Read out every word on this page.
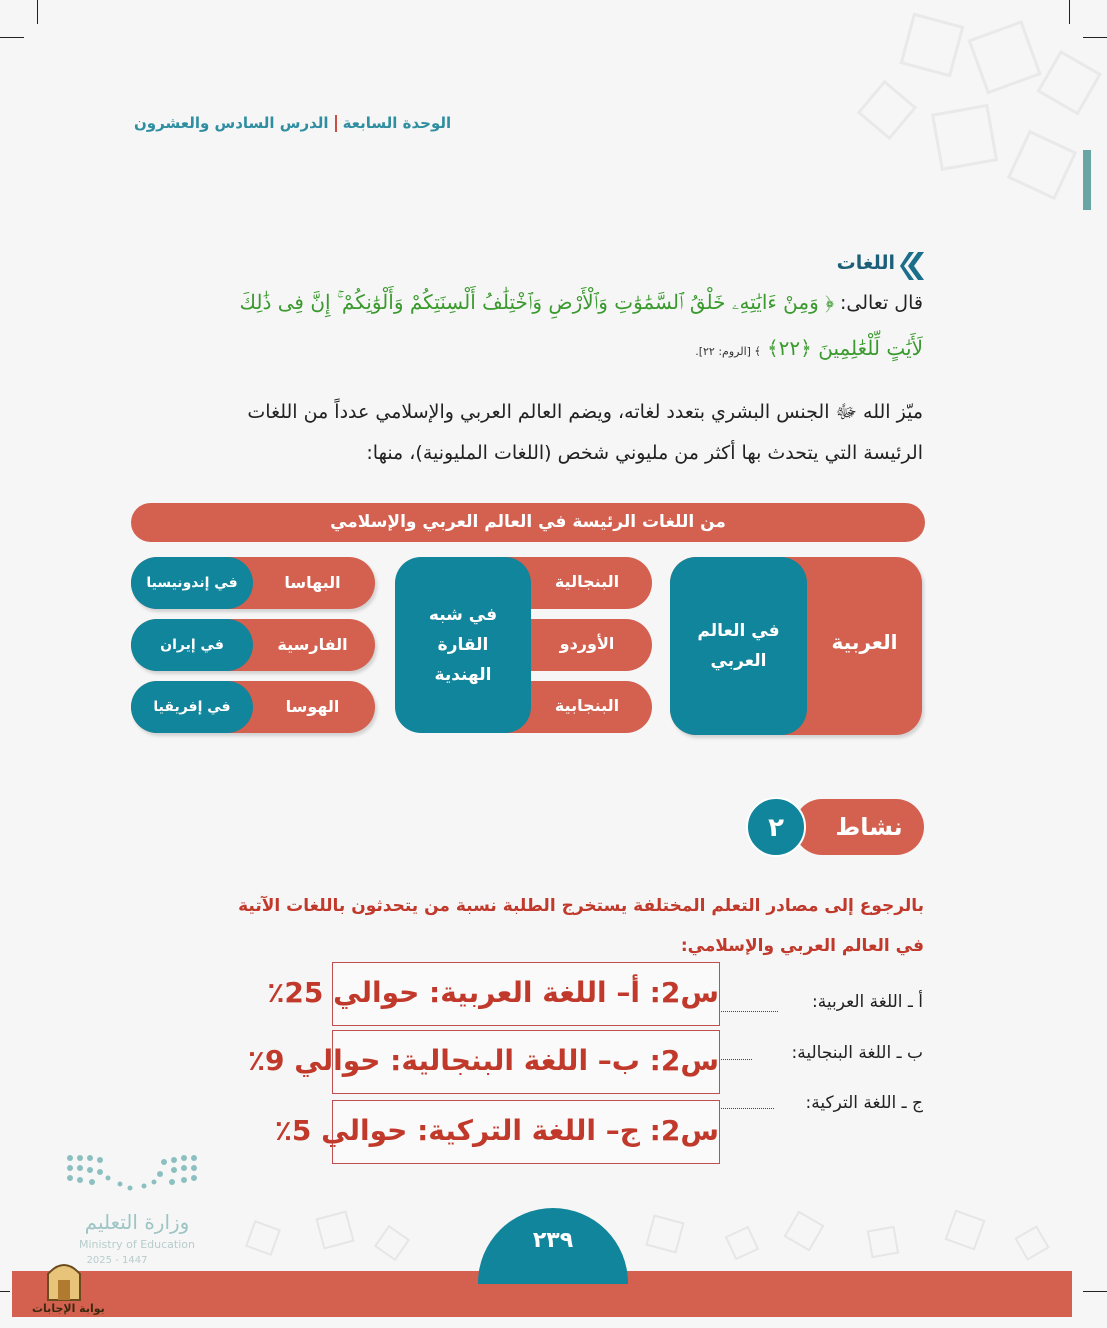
الوحدة السابعةالدرس السادس والعشرون
اللغات
قال تعالى: ﴿ وَمِنْ ءَايَٰتِهِۦ خَلْقُ ٱلسَّمَٰوَٰتِ وَٱلْأَرْضِ وَٱخْتِلَٰفُ أَلْسِنَتِكُمْ وَأَلْوَٰنِكُمْ ۚ إِنَّ فِى ذَٰلِكَ
لَأَيَٰتٍ لِّلْعَٰلِمِينَ ﴿٢٢﴾ ﴾ [الروم: ٢٢].
ميّز الله ﷻ الجنس البشري بتعدد لغاته، ويضم العالم العربي والإسلامي عدداً من اللغات
الرئيسة التي يتحدث بها أكثر من مليوني شخص (اللغات المليونية)، منها:
من اللغات الرئيسة في العالم العربي والإسلامي
في العالم العربي
العربية
البنجالية
الأوردو
البنجابية
في شبه القارة الهندية
البهاسا
في إندونيسيا
الفارسية
في إيران
الهوسا
في إفريقيا
نشاط
٢
بالرجوع إلى مصادر التعلم المختلفة يستخرج الطلبة نسبة من يتحدثون باللغات الآتية
في العالم العربي والإسلامي:
أ ـ اللغة العربية:
ب ـ اللغة البنجالية:
ج ـ اللغة التركية:
س2: أ– اللغة العربية: حوالي 25٪
س2: ب– اللغة البنجالية: حوالي 9٪
س2: ج– اللغة التركية: حوالي 5٪
وزارة التعليم
Ministry of Education
2025 - 1447
٢٣٩
بوابة الإجابات
